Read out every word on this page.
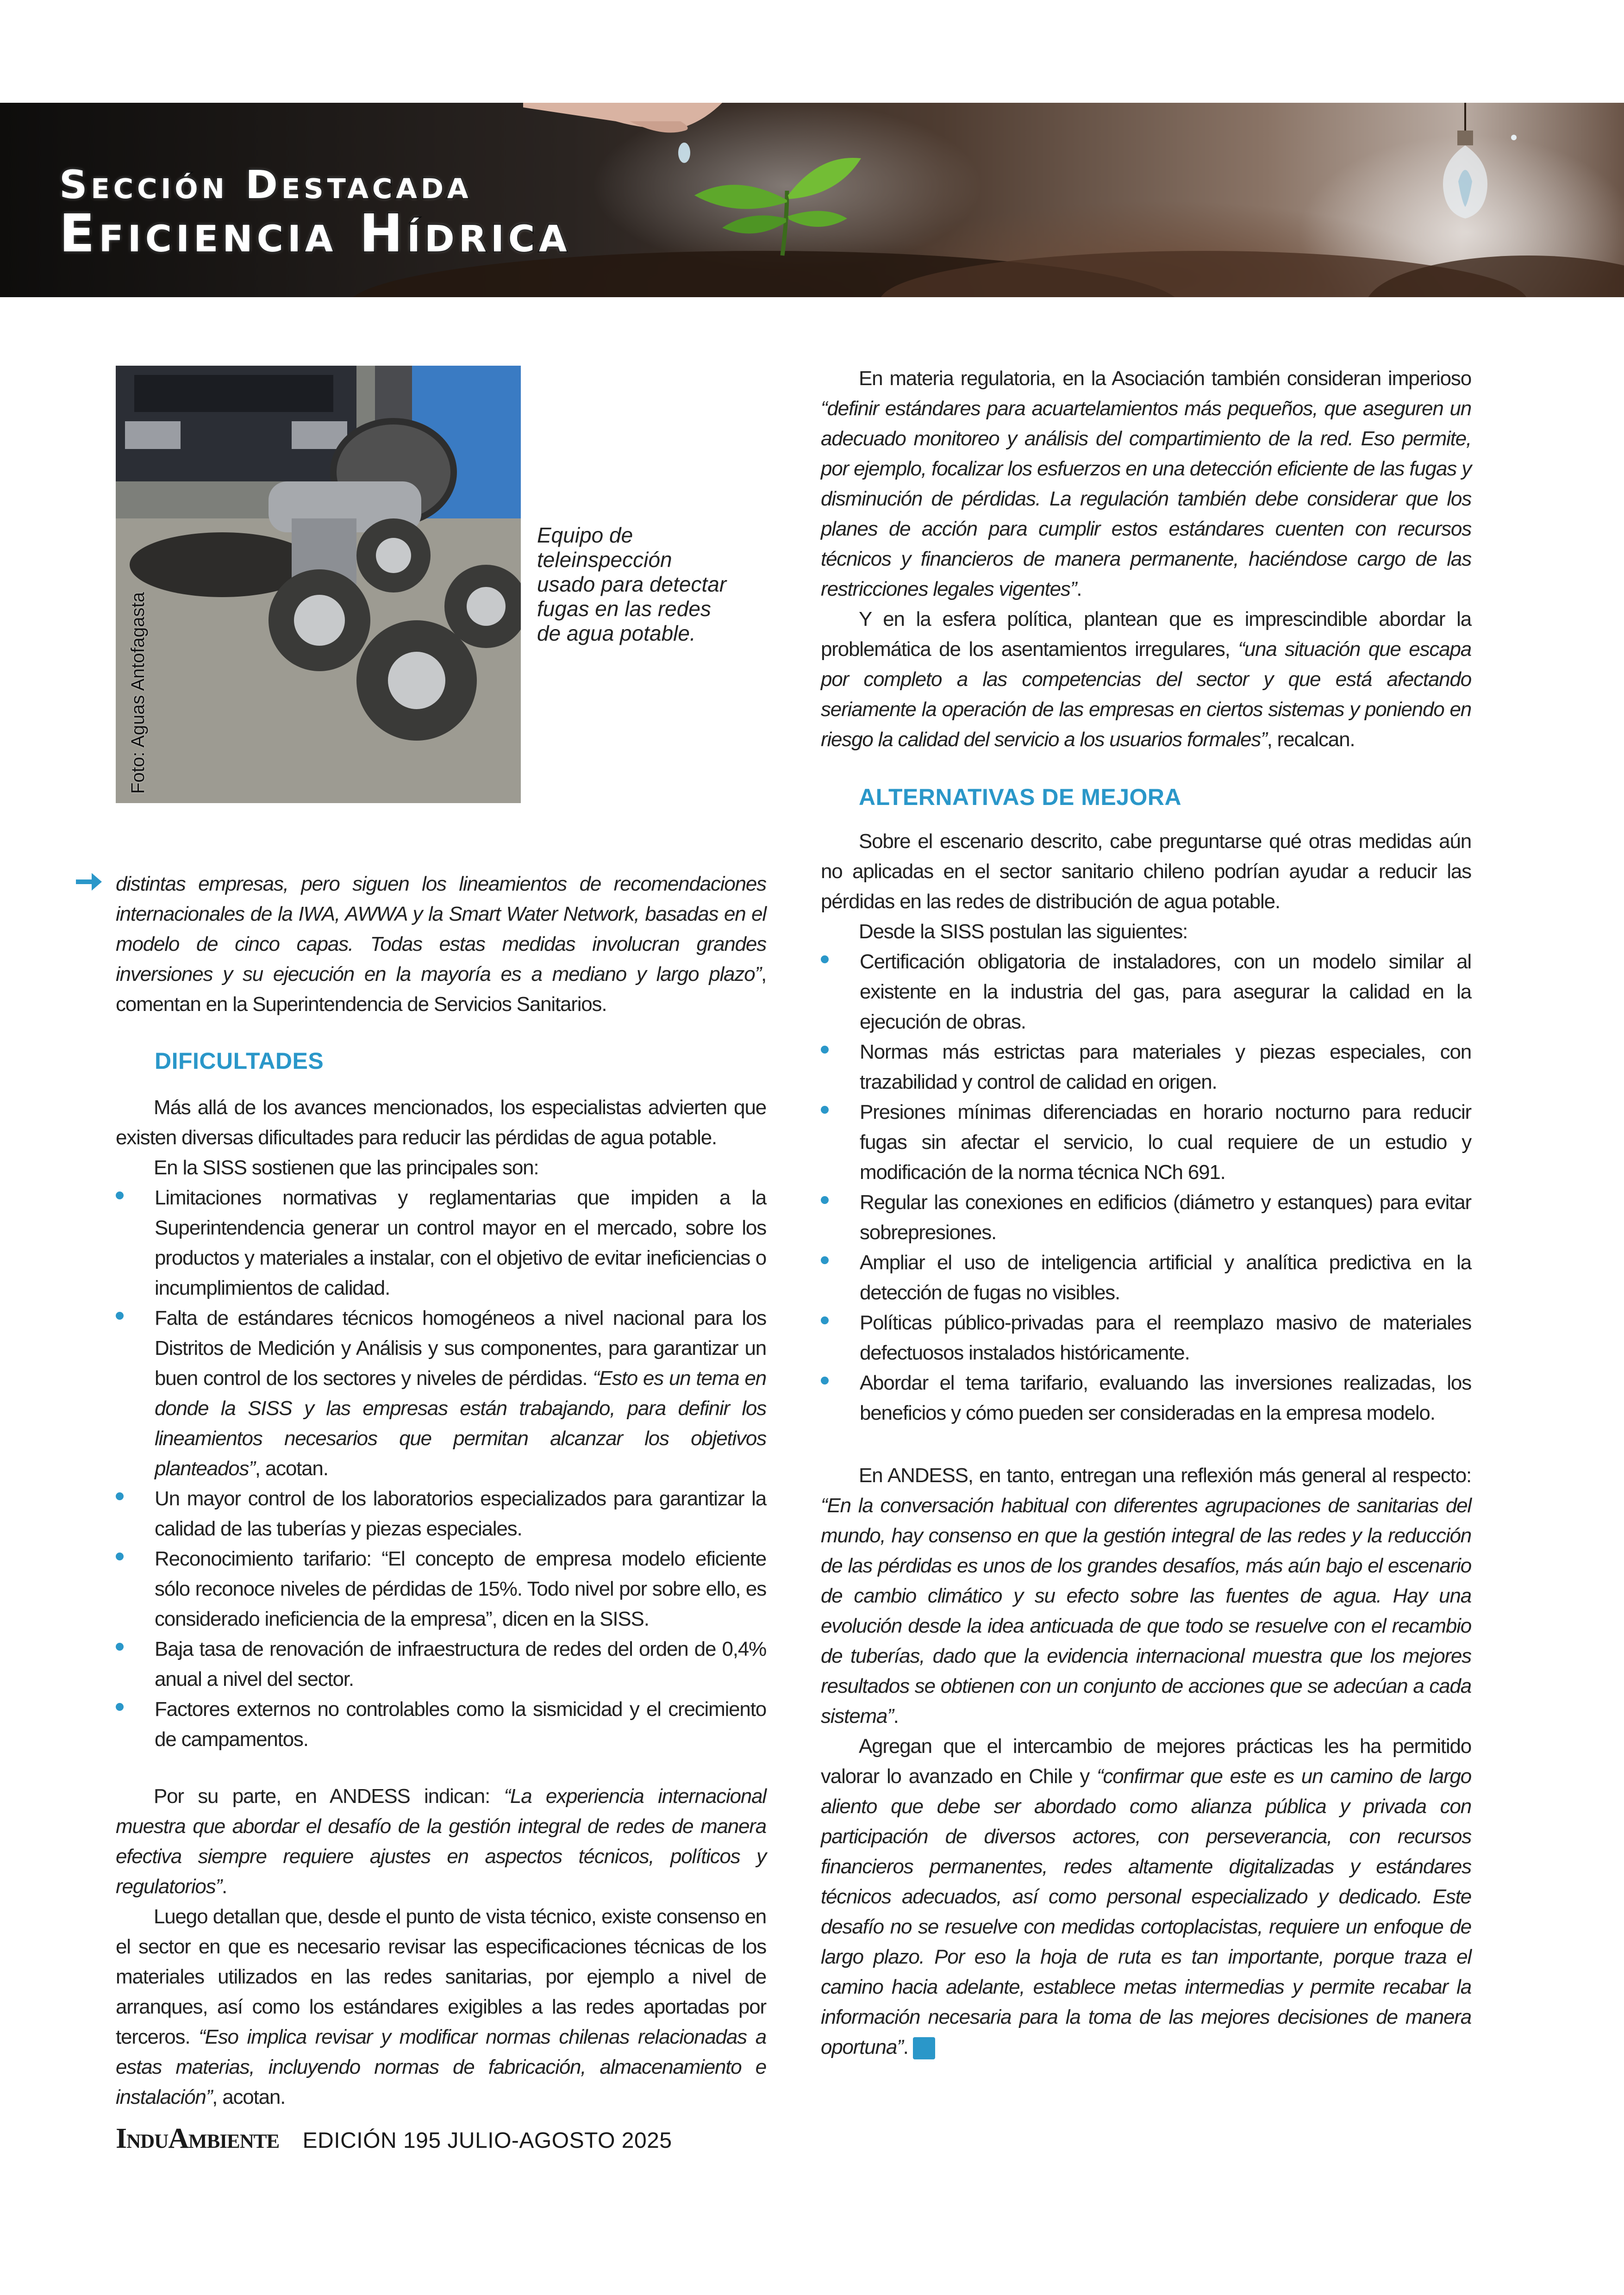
Sección Destacada
Eficiencia Hídrica
Foto: Aguas Antofagasta
Equipo de teleinspección usado para detectar fugas en las redes de agua potable.

distintas empresas, pero siguen los lineamientos de recomendaciones internacionales de la IWA, AWWA y la Smart Water Network, basadas en el modelo de cinco capas. Todas estas medidas involucran grandes inversiones y su ejecución en la mayoría es a mediano y largo plazo”, comentan en la Superintendencia de Servicios Sanitarios.

DIFICULTADES

Más allá de los avances mencionados, los especialistas advierten que existen diversas dificultades para reducir las pérdidas de agua potable.

En la SISS sostienen que las principales son:

Limitaciones normativas y reglamentarias que impiden a la Superintendencia generar un control mayor en el mercado, sobre los productos y materiales a instalar, con el objetivo de evitar ineficiencias o incumplimientos de calidad.
Falta de estándares técnicos homogéneos a nivel nacional para los Distritos de Medición y Análisis y sus componentes, para garantizar un buen control de los sectores y niveles de pérdidas. “Esto es un tema en donde la SISS y las empresas están trabajando, para definir los lineamientos necesarios que permitan alcanzar los objetivos planteados”, acotan.
Un mayor control de los laboratorios especializados para garantizar la calidad de las tuberías y piezas especiales.
Reconocimiento tarifario: “El concepto de empresa modelo eficiente sólo reconoce niveles de pérdidas de 15%. Todo nivel por sobre ello, es considerado ineficiencia de la empresa”, dicen en la SISS.
Baja tasa de renovación de infraestructura de redes del orden de 0,4% anual a nivel del sector.
Factores externos no controlables como la sismicidad y el crecimiento de campamentos.

Por su parte, en ANDESS indican: “La experiencia internacional muestra que abordar el desafío de la gestión integral de redes de manera efectiva siempre requiere ajustes en aspectos técnicos, políticos y regulatorios”.

Luego detallan que, desde el punto de vista técnico, existe consenso en el sector en que es necesario revisar las especificaciones técnicas de los materiales utilizados en las redes sanitarias, por ejemplo a nivel de arranques, así como los estándares exigibles a las redes aportadas por terceros. “Eso implica revisar y modificar normas chilenas relacionadas a estas materias, incluyendo normas de fabricación, almacenamiento e instalación”, acotan.

En materia regulatoria, en la Asociación también consideran imperioso “definir estándares para acuartelamientos más pequeños, que aseguren un adecuado monitoreo y análisis del compartimiento de la red. Eso permite, por ejemplo, focalizar los esfuerzos en una detección eficiente de las fugas y disminución de pérdidas. La regulación también debe considerar que los planes de acción para cumplir estos estándares cuenten con recursos técnicos y financieros de manera permanente, haciéndose cargo de las restricciones legales vigentes”.

Y en la esfera política, plantean que es imprescindible abordar la problemática de los asentamientos irregulares, “una situación que escapa por completo a las competencias del sector y que está afectando seriamente la operación de las empresas en ciertos sistemas y poniendo en riesgo la calidad del servicio a los usuarios formales”, recalcan.

ALTERNATIVAS DE MEJORA

Sobre el escenario descrito, cabe preguntarse qué otras medidas aún no aplicadas en el sector sanitario chileno podrían ayudar a reducir las pérdidas en las redes de distribución de agua potable.

Desde la SISS postulan las siguientes:

Certificación obligatoria de instaladores, con un modelo similar al existente en la industria del gas, para asegurar la calidad en la ejecución de obras.
Normas más estrictas para materiales y piezas especiales, con trazabilidad y control de calidad en origen.
Presiones mínimas diferenciadas en horario nocturno para reducir fugas sin afectar el servicio, lo cual requiere de un estudio y modificación de la norma técnica NCh 691.
Regular las conexiones en edificios (diámetro y estanques) para evitar sobrepresiones.
Ampliar el uso de inteligencia artificial y analítica predictiva en la detección de fugas no visibles.
Políticas público-privadas para el reemplazo masivo de materiales defectuosos instalados históricamente.
Abordar el tema tarifario, evaluando las inversiones realizadas, los beneficios y cómo pueden ser consideradas en la empresa modelo.

En ANDESS, en tanto, entregan una reflexión más general al respecto: “En la conversación habitual con diferentes agrupaciones de sanitarias del mundo, hay consenso en que la gestión integral de las redes y la reducción de las pérdidas es unos de los grandes desafíos, más aún bajo el escenario de cambio climático y su efecto sobre las fuentes de agua. Hay una evolución desde la idea anticuada de que todo se resuelve con el recambio de tuberías, dado que la evidencia internacional muestra que los mejores resultados se obtienen con un conjunto de acciones que se adecúan a cada sistema”.

Agregan que el intercambio de mejores prácticas les ha permitido valorar lo avanzado en Chile y “confirmar que este es un camino de largo aliento que debe ser abordado como alianza pública y privada con participación de diversos actores, con perseverancia, con recursos financieros permanentes, redes altamente digitalizadas y estándares técnicos adecuados, así como personal especializado y dedicado. Este desafío no se resuelve con medidas cortoplacistas, requiere un enfoque de largo plazo. Por eso la hoja de ruta es tan importante, porque traza el camino hacia adelante, establece metas intermedias y permite recabar la información necesaria para la toma de las mejores decisiones de manera oportuna”.	IA

InduAmbiente EDICIÓN 195 JULIO-AGOSTO 2025
